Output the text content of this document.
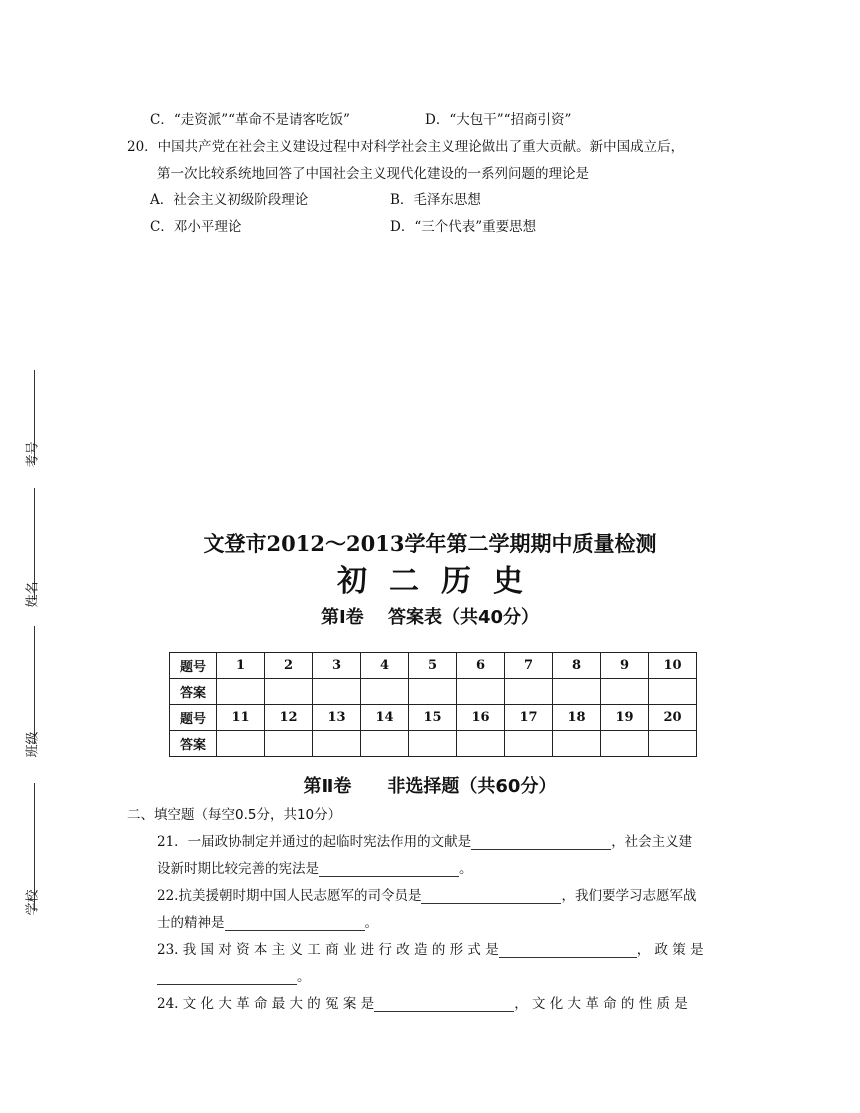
C．“走资派”“革命不是请客吃饭”	D．“大包干”“招商引资”
20．中国共产党在社会主义建设过程中对科学社会主义理论做出了重大贡献。新中国成立后，
第一次比较系统地回答了中国社会主义现代化建设的一系列问题的理论是
A．社会主义初级阶段理论	B．毛泽东思想
C．邓小平理论	D．“三个代表”重要思想
考号
姓名
班级
学校
文登市2012～2013学年第二学期期中质量检测
初二历史
第Ⅰ卷　 答案表（共40分）
题号	1	2	3	4	5	6	7	8	9	10
答案										
题号	11	12	13	14	15	16	17	18	19	20
答案										
第Ⅱ卷　　非选择题（共60分）
二、填空题（每空0.5分，共10分）
21．一届政协制定并通过的起临时宪法作用的文献是	，社会主义建
设新时期比较完善的宪法是	。
22.抗美援朝时期中国人民志愿军的司令员是	，我们要学习志愿军战
士的精神是	。
23. 我 国 对 资 本 主 义 工 商 业 进 行 改 造 的 形 式 是	， 政 策 是
。
24. 文 化 大 革 命 最 大 的 冤 案 是	， 文 化 大 革 命 的 性 质 是
